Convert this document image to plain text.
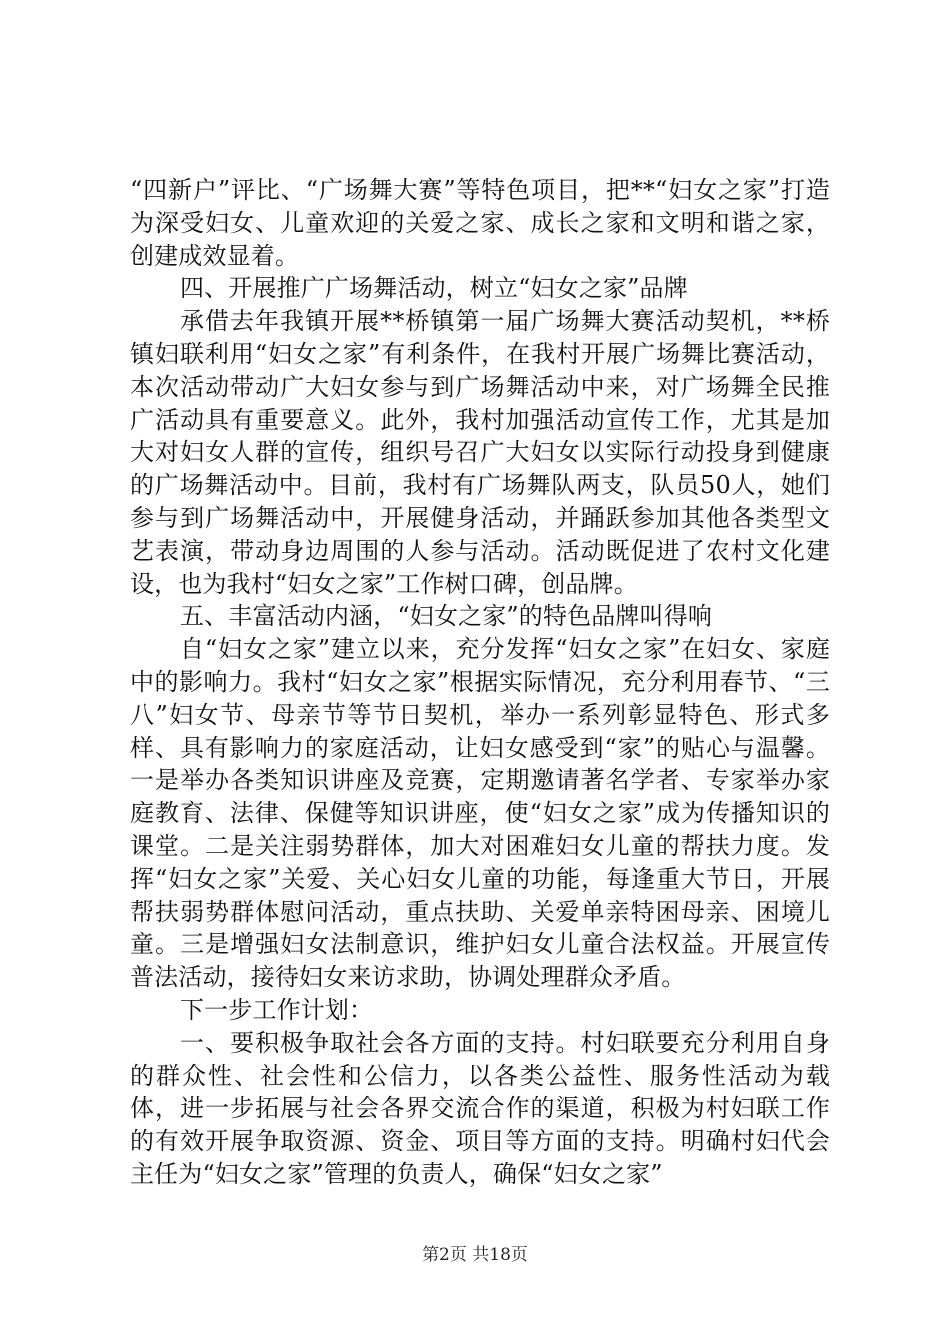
“四新户”评比、“广场舞大赛”等特色项目，把**“妇女之家”打造为深受妇女、儿童欢迎的关爱之家、成长之家和文明和谐之家，创建成效显着。

四、开展推广广场舞活动，树立“妇女之家”品牌

承借去年我镇开展**桥镇第一届广场舞大赛活动契机，**桥镇妇联利用“妇女之家”有利条件，在我村开展广场舞比赛活动，本次活动带动广大妇女参与到广场舞活动中来，对广场舞全民推广活动具有重要意义。此外，我村加强活动宣传工作，尤其是加大对妇女人群的宣传，组织号召广大妇女以实际行动投身到健康的广场舞活动中。目前，我村有广场舞队两支，队员50人，她们参与到广场舞活动中，开展健身活动，并踊跃参加其他各类型文艺表演，带动身边周围的人参与活动。活动既促进了农村文化建设，也为我村“妇女之家”工作树口碑，创品牌。

五、丰富活动内涵，“妇女之家”的特色品牌叫得响

自“妇女之家”建立以来，充分发挥“妇女之家”在妇女、家庭中的影响力。我村“妇女之家”根据实际情况，充分利用春节、“三八”妇女节、母亲节等节日契机，举办一系列彰显特色、形式多样、具有影响力的家庭活动，让妇女感受到“家”的贴心与温馨。一是举办各类知识讲座及竞赛，定期邀请著名学者、专家举办家庭教育、法律、保健等知识讲座，使“妇女之家”成为传播知识的课堂。二是关注弱势群体，加大对困难妇女儿童的帮扶力度。发挥“妇女之家”关爱、关心妇女儿童的功能，每逢重大节日，开展帮扶弱势群体慰问活动，重点扶助、关爱单亲特困母亲、困境儿童。三是增强妇女法制意识，维护妇女儿童合法权益。开展宣传普法活动，接待妇女来访求助，协调处理群众矛盾。

下一步工作计划：

一、要积极争取社会各方面的支持。村妇联要充分利用自身的群众性、社会性和公信力，以各类公益性、服务性活动为载体，进一步拓展与社会各界交流合作的渠道，积极为村妇联工作的有效开展争取资源、资金、项目等方面的支持。明确村妇代会主任为“妇女之家”管理的负责人，确保“妇女之家”

第2页 共18页
